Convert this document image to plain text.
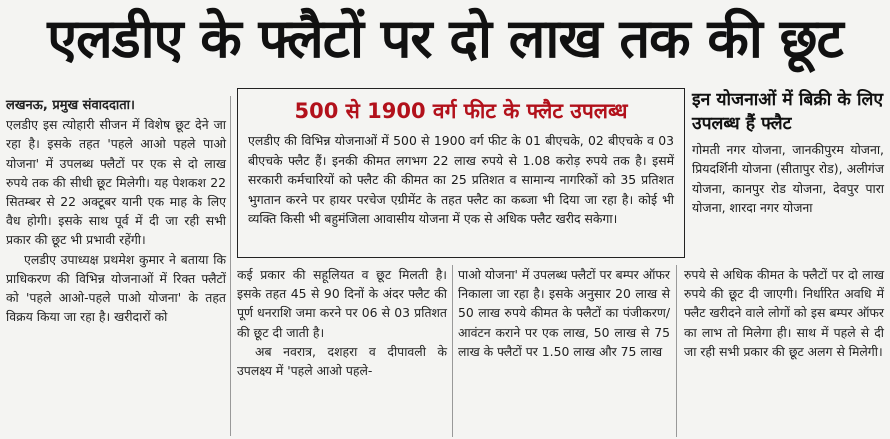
एलडीए के फ्लैटों पर दो लाख तक की छूट

लखनऊ, प्रमुख संवाददाता।

एलडीए इस त्योहारी सीजन में विशेष छूट देने जा रहा है। इसके तहत 'पहले आओ पहले पाओ योजना' में उपलब्ध फ्लैटों पर एक से दो लाख रुपये तक की सीधी छूट मिलेगी। यह पेशकश 22 सितम्बर से 22 अक्टूबर यानी एक माह के लिए वैध होगी। इसके साथ पूर्व में दी जा रही सभी प्रकार की छूट भी प्रभावी रहेंगी।

एलडीए उपाध्यक्ष प्रथमेश कुमार ने बताया कि प्राधिकरण की विभिन्न योजनाओं में रिक्त फ्लैटों को 'पहले आओ-पहले पाओ योजना' के तहत विक्रय किया जा रहा है। खरीदारों को

500 से 1900 वर्ग फीट के फ्लैट उपलब्ध
एलडीए की विभिन्न योजनाओं में 500 से 1900 वर्ग फीट के 01 बीएचके, 02 बीएचके व 03 बीएचके फ्लैट हैं। इनकी कीमत लगभग 22 लाख रुपये से 1.08 करोड़ रुपये तक है। इसमें सरकारी कर्मचारियों को फ्लैट की कीमत का 25 प्रतिशत व सामान्य नागरिकों को 35 प्रतिशत भुगतान करने पर हायर परचेज एग्रीमेंट के तहत फ्लैट का कब्जा भी दिया जा रहा है। कोई भी व्यक्ति किसी भी बहुमंजिला आवासीय योजना में एक से अधिक फ्लैट खरीद सकेगा।
इन योजनाओं में बिक्री के लिए उपलब्ध हैं फ्लैट
गोमती नगर योजना, जानकीपुरम योजना, प्रियदर्शिनी योजना (सीतापुर रोड), अलीगंज योजना, कानपुर रोड योजना, देवपुर पारा योजना, शारदा नगर योजना

कई प्रकार की सहूलियत व छूट मिलती है। इसके तहत 45 से 90 दिनों के अंदर फ्लैट की पूर्ण धनराशि जमा करने पर 06 से 03 प्रतिशत की छूट दी जाती है।

अब नवरात्र, दशहरा व दीपावली के उपलक्ष्य में 'पहले आओ पहले-

पाओ योजना' में उपलब्ध फ्लैटों पर बम्पर ऑफर निकाला जा रहा है। इसके अनुसार 20 लाख से 50 लाख रुपये कीमत के फ्लैटों का पंजीकरण/आवंटन कराने पर एक लाख, 50 लाख से 75 लाख के फ्लैटों पर 1.50 लाख और 75 लाख

रुपये से अधिक कीमत के फ्लैटों पर दो लाख रुपये की छूट दी जाएगी। निर्धारित अवधि में फ्लैट खरीदने वाले लोगों को इस बम्पर ऑफर का लाभ तो मिलेगा ही। साथ में पहले से दी जा रही सभी प्रकार की छूट अलग से मिलेगी।
